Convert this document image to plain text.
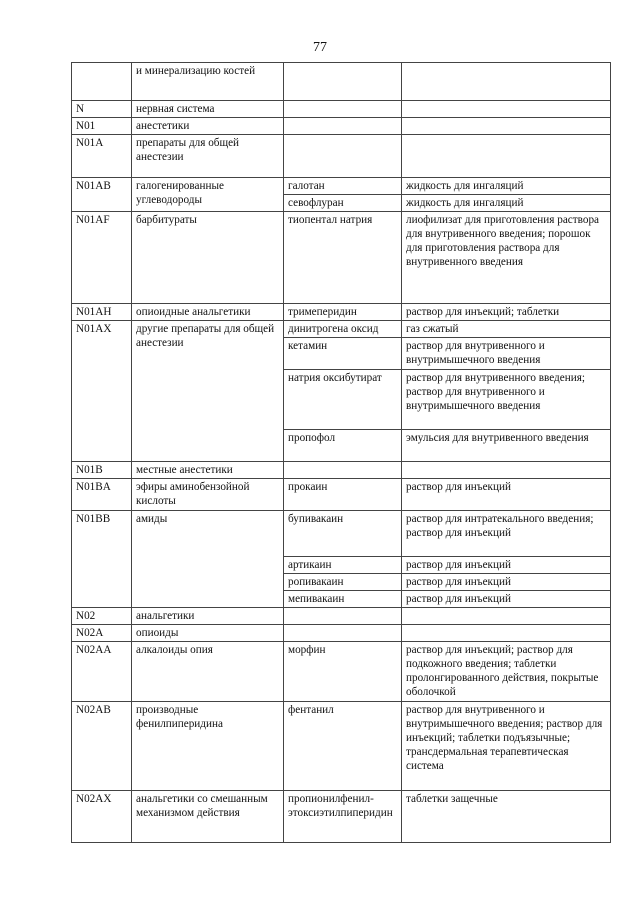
77
	и минерализацию костей		
N	нервная система		
N01	анестетики		
N01A	препараты для общей анестезии		
N01AB	галогенированные углеводороды	галотан	жидкость для ингаляций
		севофлуран	жидкость для ингаляций
N01AF	барбитураты	тиопентал натрия	лиофилизат для приготовления раствора для внутривенного введения; порошок для приготовления раствора для внутривенного введения
N01AH	опиоидные анальгетики	тримеперидин	раствор для инъекций; таблетки
N01AX	другие препараты для общей анестезии	динитрогена оксид	газ сжатый
		кетамин	раствор для внутривенного и внутримышечного введения
		натрия оксибутират	раствор для внутривенного введения; раствор для внутривенного и внутримышечного введения
		пропофол	эмульсия для внутривенного введения
N01B	местные анестетики		
N01BA	эфиры аминобензойной кислоты	прокаин	раствор для инъекций
N01BB	амиды	бупивакаин	раствор для интратекального введения; раствор для инъекций
		артикаин	раствор для инъекций
		ропивакаин	раствор для инъекций
		мепивакаин	раствор для инъекций
N02	анальгетики		
N02A	опиоиды		
N02AA	алкалоиды опия	морфин	раствор для инъекций; раствор для подкожного введения; таблетки пролонгированного действия, покрытые оболочкой
N02AB	производные фенилпиперидина	фентанил	раствор для внутривенного и внутримышечного введения; раствор для инъекций; таблетки подъязычные; трансдермальная терапевтическая система
N02AX	анальгетики со смешанным механизмом действия	пропионилфенил-этоксиэтилпиперидин	таблетки защечные
